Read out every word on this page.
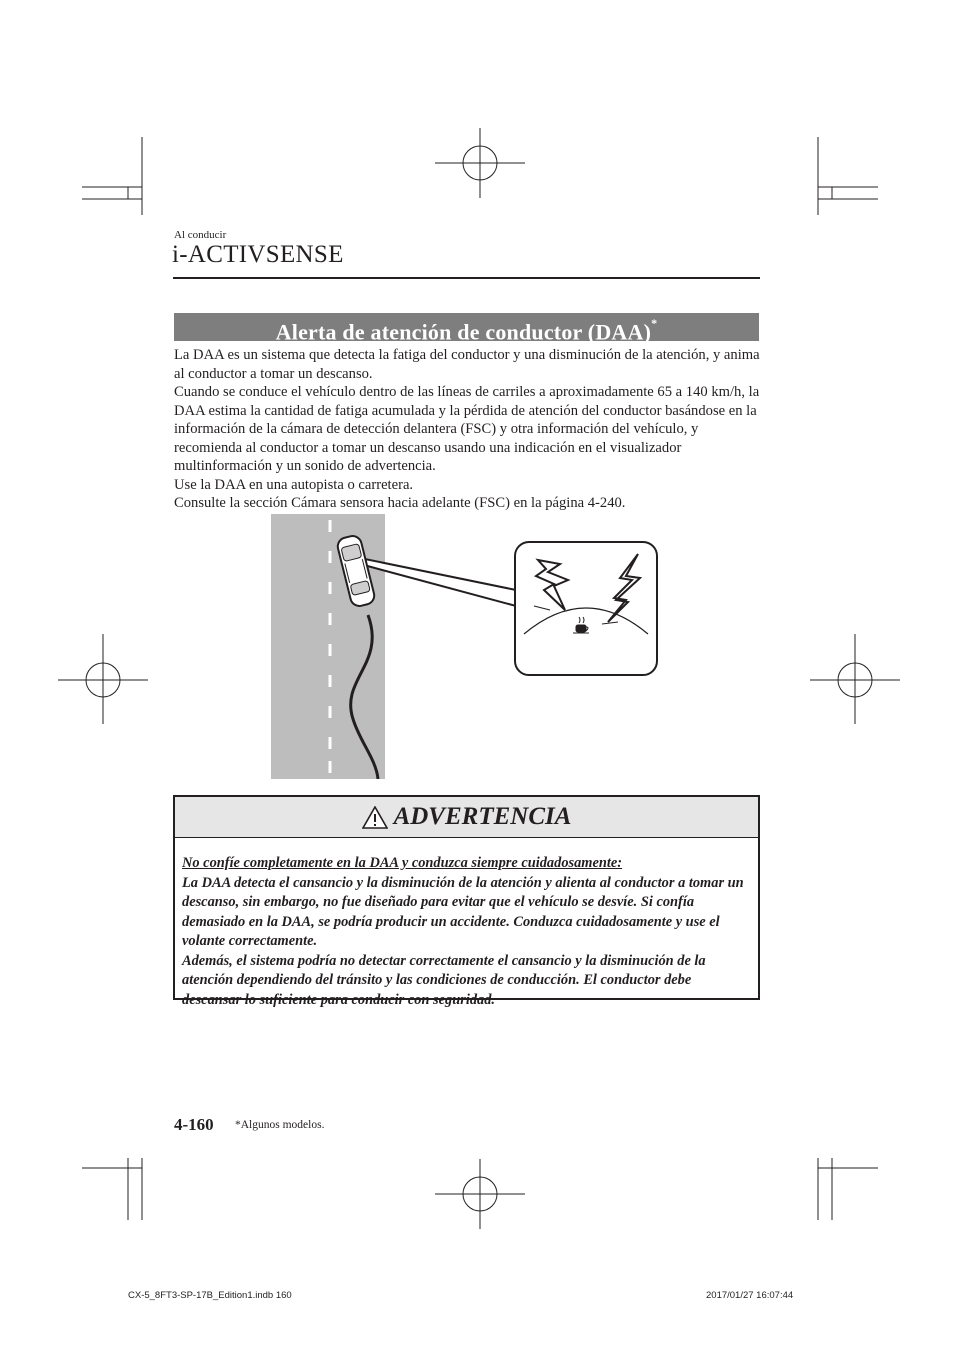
Al conducir
i-ACTIVSENSE
Alerta de atención de conductor (DAA)*

La DAA es un sistema que detecta la fatiga del conductor y una disminución de la atención, y anima al conductor a tomar un descanso.

Cuando se conduce el vehículo dentro de las líneas de carriles a aproximadamente 65 a 140 km/h, la DAA estima la cantidad de fatiga acumulada y la pérdida de atención del conductor basándose en la información de la cámara de detección delantera (FSC) y otra información del vehículo, y recomienda al conductor a tomar un descanso usando una indicación en el visualizador multinformación y un sonido de advertencia.

Use la DAA en una autopista o carretera.

Consulte la sección Cámara sensora hacia adelante (FSC) en la página 4-240.

ADVERTENCIA

No confíe completamente en la DAA y conduzca siempre cuidadosamente:

La DAA detecta el cansancio y la disminución de la atención y alienta al conductor a tomar un descanso, sin embargo, no fue diseñado para evitar que el vehículo se desvíe. Si confía demasiado en la DAA, se podría producir un accidente. Conduzca cuidadosamente y use el volante correctamente.

Además, el sistema podría no detectar correctamente el cansancio y la disminución de la atención dependiendo del tránsito y las condiciones de conducción. El conductor debe descansar lo suficiente para conducir con seguridad.

4-160 *Algunos modelos.
CX-5_8FT3-SP-17B_Edition1.indb 160	2017/01/27 16:07:44
